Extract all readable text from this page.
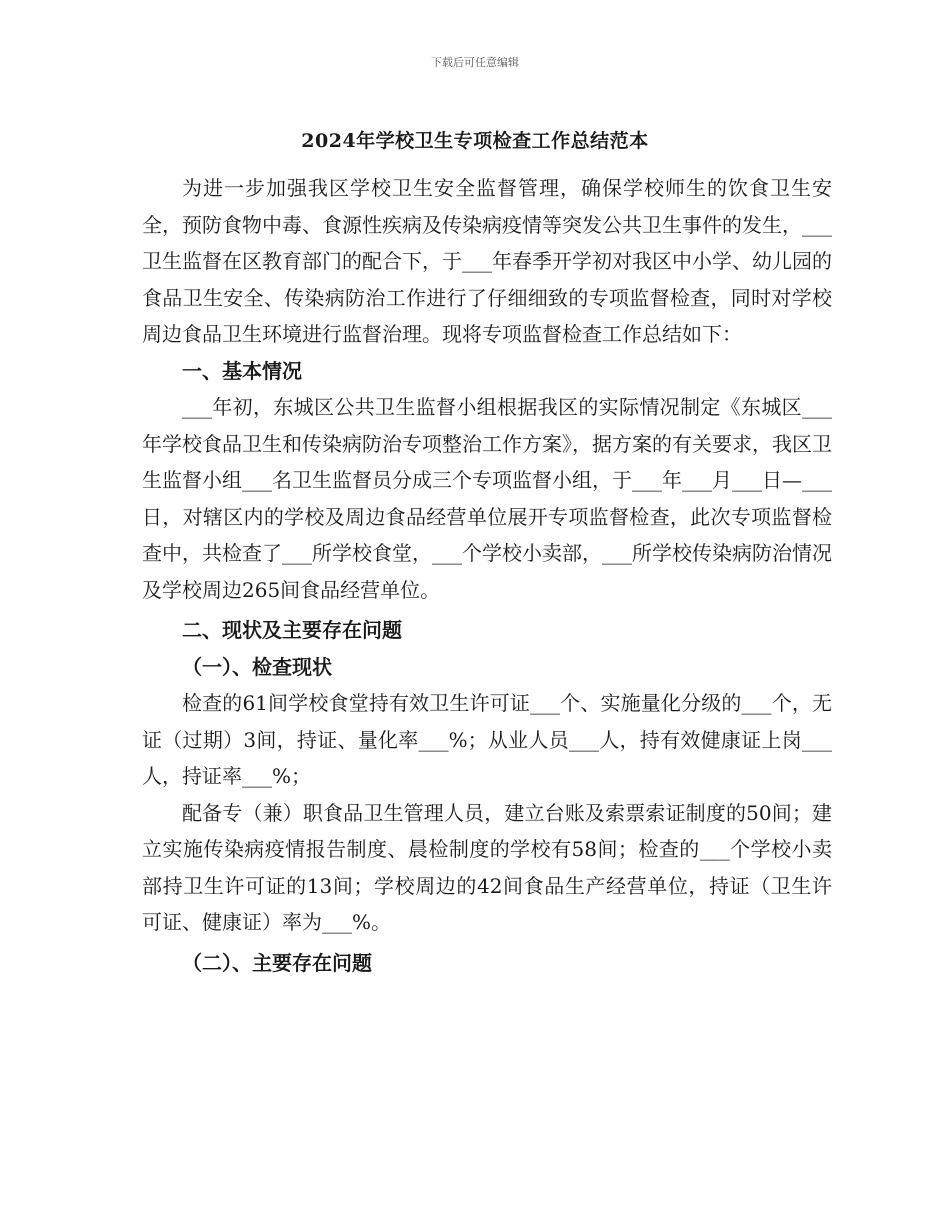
下载后可任意编辑
2024年学校卫生专项检查工作总结范本

为进一步加强我区学校卫生安全监督管理，确保学校师生的饮食卫生安全，预防食物中毒、食源性疾病及传染病疫情等突发公共卫生事件的发生，___卫生监督在区教育部门的配合下，于___年春季开学初对我区中小学、幼儿园的食品卫生安全、传染病防治工作进行了仔细细致的专项监督检查，同时对学校周边食品卫生环境进行监督治理。现将专项监督检查工作总结如下：

一、基本情况

___年初，东城区公共卫生监督小组根据我区的实际情况制定《东城区___年学校食品卫生和传染病防治专项整治工作方案》，据方案的有关要求，我区卫生监督小组___名卫生监督员分成三个专项监督小组，于___年___月___日—___日，对辖区内的学校及周边食品经营单位展开专项监督检查，此次专项监督检查中，共检查了___所学校食堂，___个学校小卖部，___所学校传染病防治情况及学校周边265间食品经营单位。

二、现状及主要存在问题

（一）、检查现状

检查的61间学校食堂持有效卫生许可证___个、实施量化分级的___个，无证（过期）3间，持证、量化率___%；从业人员___人，持有效健康证上岗___人，持证率___%；

配备专（兼）职食品卫生管理人员，建立台账及索票索证制度的50间；建立实施传染病疫情报告制度、晨检制度的学校有58间；检查的___个学校小卖部持卫生许可证的13间；学校周边的42间食品生产经营单位，持证（卫生许可证、健康证）率为___%。

（二）、主要存在问题
